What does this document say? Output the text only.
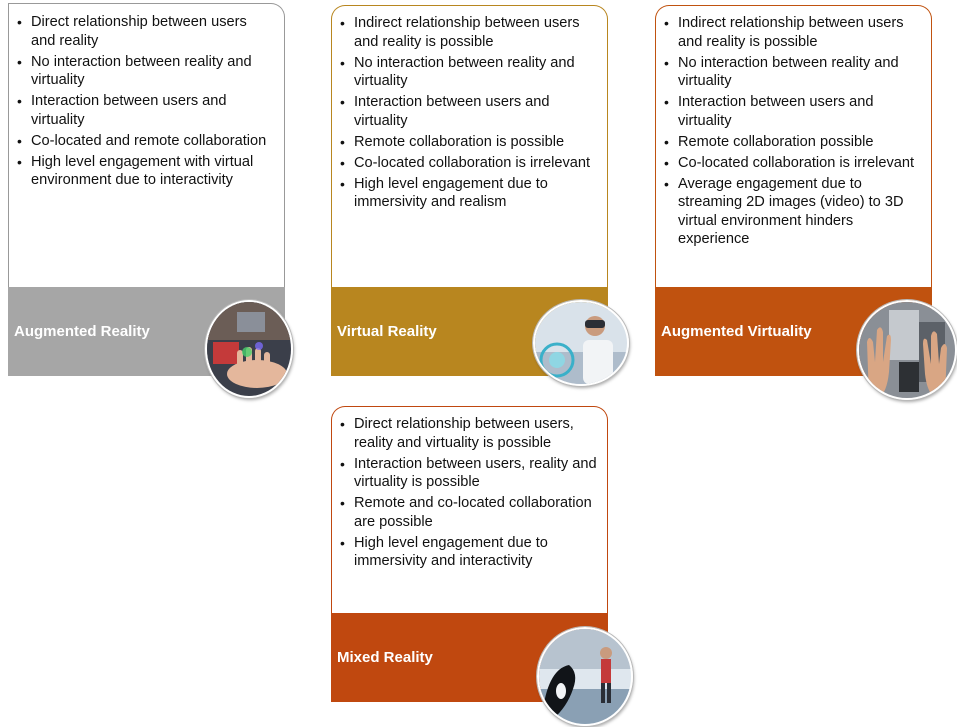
• Direct relationship between users and reality
• No interaction between reality and virtuality
• Interaction between users and virtuality
• Co-located and remote collaboration
• High level engagement with virtual environment due to interactivity
Augmented Reality
• Indirect relationship between users and reality is possible
• No interaction between reality and virtuality
• Interaction between users and virtuality
• Remote collaboration is possible
• Co-located collaboration is irrelevant
• High level engagement due to immersivity and realism
Virtual Reality
• Indirect relationship between users and reality is possible
• No interaction between reality and virtuality
• Interaction between users and virtuality
• Remote collaboration possible
• Co-located collaboration is irrelevant
• Average engagement due to streaming 2D images (video) to 3D virtual environment hinders experience
Augmented Virtuality
• Direct relationship between users, reality and virtuality is possible
• Interaction between users, reality and virtuality is possible
• Remote and co-located collaboration are possible
• High level engagement due to immersivity and interactivity
Mixed Reality
